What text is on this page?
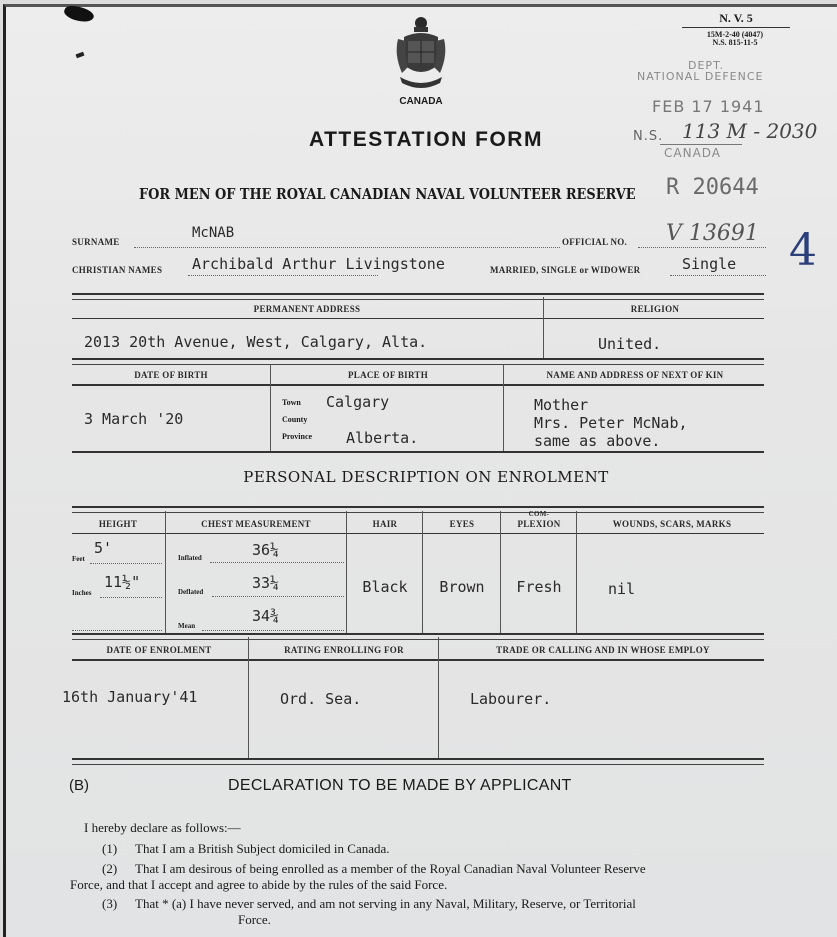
CANADA
N. V. 5
15M-2-40 (4047)
N.S. 815-11-5
DEPT.
NATIONAL DEFENCE
FEB 17 1941
N.S. 113 M - 2030
CANADA
ATTESTATION FORM
FOR MEN OF THE ROYAL CANADIAN NAVAL VOLUNTEER RESERVE R 20644
4
SURNAME
McNAB
OFFICIAL NO. V 13691
CHRISTIAN NAMES Archibald Arthur Livingstone	MARRIED, SINGLE or WIDOWER	Single
PERMANENT ADDRESS	RELIGION
2013 20th Avenue, West, Calgary, Alta.	United.
DATE OF BIRTH	PLACE OF BIRTH	NAME AND ADDRESS OF NEXT OF KIN
3 March '20
Town Calgary
County
Province Alberta.
Mother
Mrs. Peter McNab,
same as above.
PERSONAL DESCRIPTION ON ENROLMENT
HEIGHT	CHEST MEASUREMENT	HAIR	EYES
COM-
PLEXION	WOUNDS, SCARS, MARKS
Feet
5'
Inches
11½"
Inflated	36¼
Deflated	33¼
Mean
34¾
Black	Brown	Fresh	nil
DATE OF ENROLMENT	RATING ENROLLING FOR	TRADE OR CALLING AND IN WHOSE EMPLOY
16th January'41	Ord. Sea.	Labourer.
(B)	DECLARATION TO BE MADE BY APPLICANT
I hereby declare as follows:—
(1) That I am a British Subject domiciled in Canada.
(2) That I am desirous of being enrolled as a member of the Royal Canadian Naval Volunteer Reserve
Force, and that I accept and agree to abide by the rules of the said Force.
(3) That * (a) I have never served, and am not serving in any Naval, Military, Reserve, or Territorial
Force.
